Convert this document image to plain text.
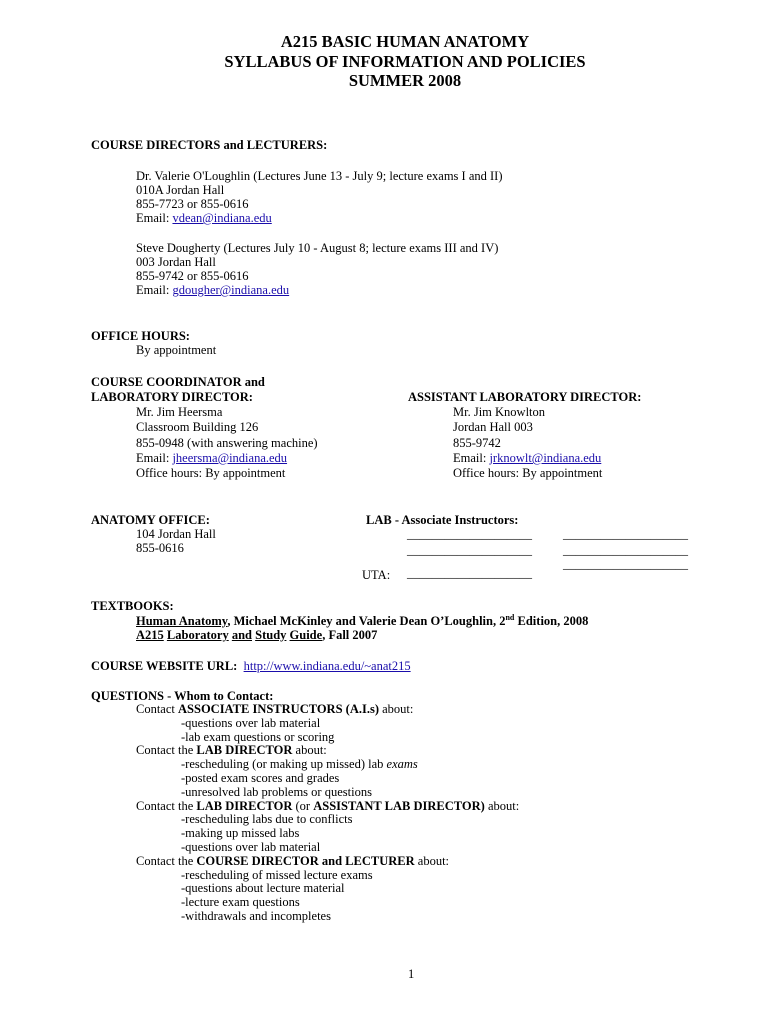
A215 BASIC HUMAN ANATOMY
SYLLABUS OF INFORMATION AND POLICIES
SUMMER 2008
COURSE DIRECTORS and LECTURERS:
Dr. Valerie O'Loughlin (Lectures June 13 - July 9; lecture exams I and II)
010A Jordan Hall
855-7723 or 855-0616
Email: vdean@indiana.edu
Steve Dougherty (Lectures July 10 - August 8; lecture exams III and IV)
003 Jordan Hall
855-9742 or 855-0616
Email: gdougher@indiana.edu
OFFICE HOURS:
By appointment
COURSE COORDINATOR and
LABORATORY DIRECTOR:
Mr. Jim Heersma
Classroom Building 126
855-0948 (with answering machine)
Email: jheersma@indiana.edu
Office hours: By appointment
ASSISTANT LABORATORY DIRECTOR:
Mr. Jim Knowlton
Jordan Hall 003
855-9742
Email: jrknowlt@indiana.edu
Office hours: By appointment
ANATOMY OFFICE:
104 Jordan Hall
855-0616
LAB - Associate Instructors:
____________________ ____________________
____________________ ____________________
____________________
UTA: ____________________
TEXTBOOKS:
Human Anatomy, Michael McKinley and Valerie Dean O’Loughlin, 2nd Edition, 2008
A215 Laboratory and Study Guide, Fall 2007
COURSE WEBSITE URL: http://www.indiana.edu/~anat215
QUESTIONS - Whom to Contact:
Contact ASSOCIATE INSTRUCTORS (A.I.s) about:
-questions over lab material
-lab exam questions or scoring
Contact the LAB DIRECTOR about:
-rescheduling (or making up missed) lab exams
-posted exam scores and grades
-unresolved lab problems or questions
Contact the LAB DIRECTOR (or ASSISTANT LAB DIRECTOR) about:
-rescheduling labs due to conflicts
-making up missed labs
-questions over lab material
Contact the COURSE DIRECTOR and LECTURER about:
-rescheduling of missed lecture exams
-questions about lecture material
-lecture exam questions
-withdrawals and incompletes
1
